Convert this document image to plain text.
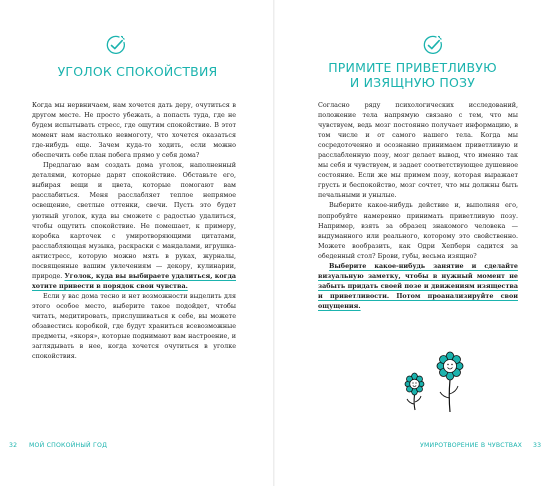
УГОЛОК СПОКОЙСТВИЯ

Когда мы нервничаем, нам хочется дать деру, очутиться в другом месте. Не просто убежать, а попасть туда, где не будем испытывать стресс, где ощутим спокойствие. В этот момент нам настолько невмоготу, что хочется оказаться где-нибудь еще. Зачем куда-то ходить, если можно обеспечить себе план побега прямо у себя дома?

Предлагаю вам создать дома уголок, наполненный деталями, которые дарят спокойствие. Обставьте его, выбирая вещи и цвета, которые помогают вам расслабиться. Меня расслабляет теплое непрямое освещение, светлые оттенки, свечи. Пусть это будет уютный уголок, куда вы сможете с радостью удалиться, чтобы ощутить спокойствие. Не помешает, к примеру, коробка карточек с умиротворяющими цитатами, расслабляющая музыка, раскраски с мандалами, игрушка-антистресс, которую можно мять в руках, журналы, посвященные вашим увлечениям — декору, кулинарии, природе. Уголок, куда вы выбираете удалиться, когда хотите привести в порядок свои чувства.

Если у вас дома тесно и нет возможности выделить для этого особое место, выберите такое подойдет, чтобы читать, медитировать, прислушиваться к себе, вы можете обзавестись коробкой, где будут храниться всевозможные предметы, «якоря», которые поднимают вам настроение, и заглядывать в нее, когда хочется очутиться в уголке спокойствия.

32 МОЙ СПОКОЙНЫЙ ГОД
ПРИМИТЕ ПРИВЕТЛИВУЮ
И ИЗЯЩНУЮ ПОЗУ

Согласно ряду психологических исследований, положение тела напрямую связано с тем, что мы чувствуем, ведь мозг постоянно получает информацию, в том числе и от самого нашего тела. Когда мы сосредоточенно и осознанно принимаем приветливую и расслабленную позу, мозг делает вывод, что именно так мы себя и чувствуем, и задает соответствующее душевное состояние. Если же мы примем позу, которая выражает грусть и беспокойство, мозг сочтет, что мы должны быть печальными и унылые.

Выберите какое-нибудь действие и, выполняя его, попробуйте намеренно принимать приветливую позу. Например, взять за образец знакомого человека — выдуманного или реального, которому это свойственно. Можете вообразить, как Одри Хепберн садится за обеденный стол? Брови, губы, весьма изящно?

Выберите какое-нибудь занятие и сделайте визуальную заметку, чтобы в нужный момент не забыть придать своей позе и движениям изящества и приветливости. Потом проанализируйте свои ощущения.

УМИРОТВОРЕНИЕ В ЧУВСТВАХ 33
